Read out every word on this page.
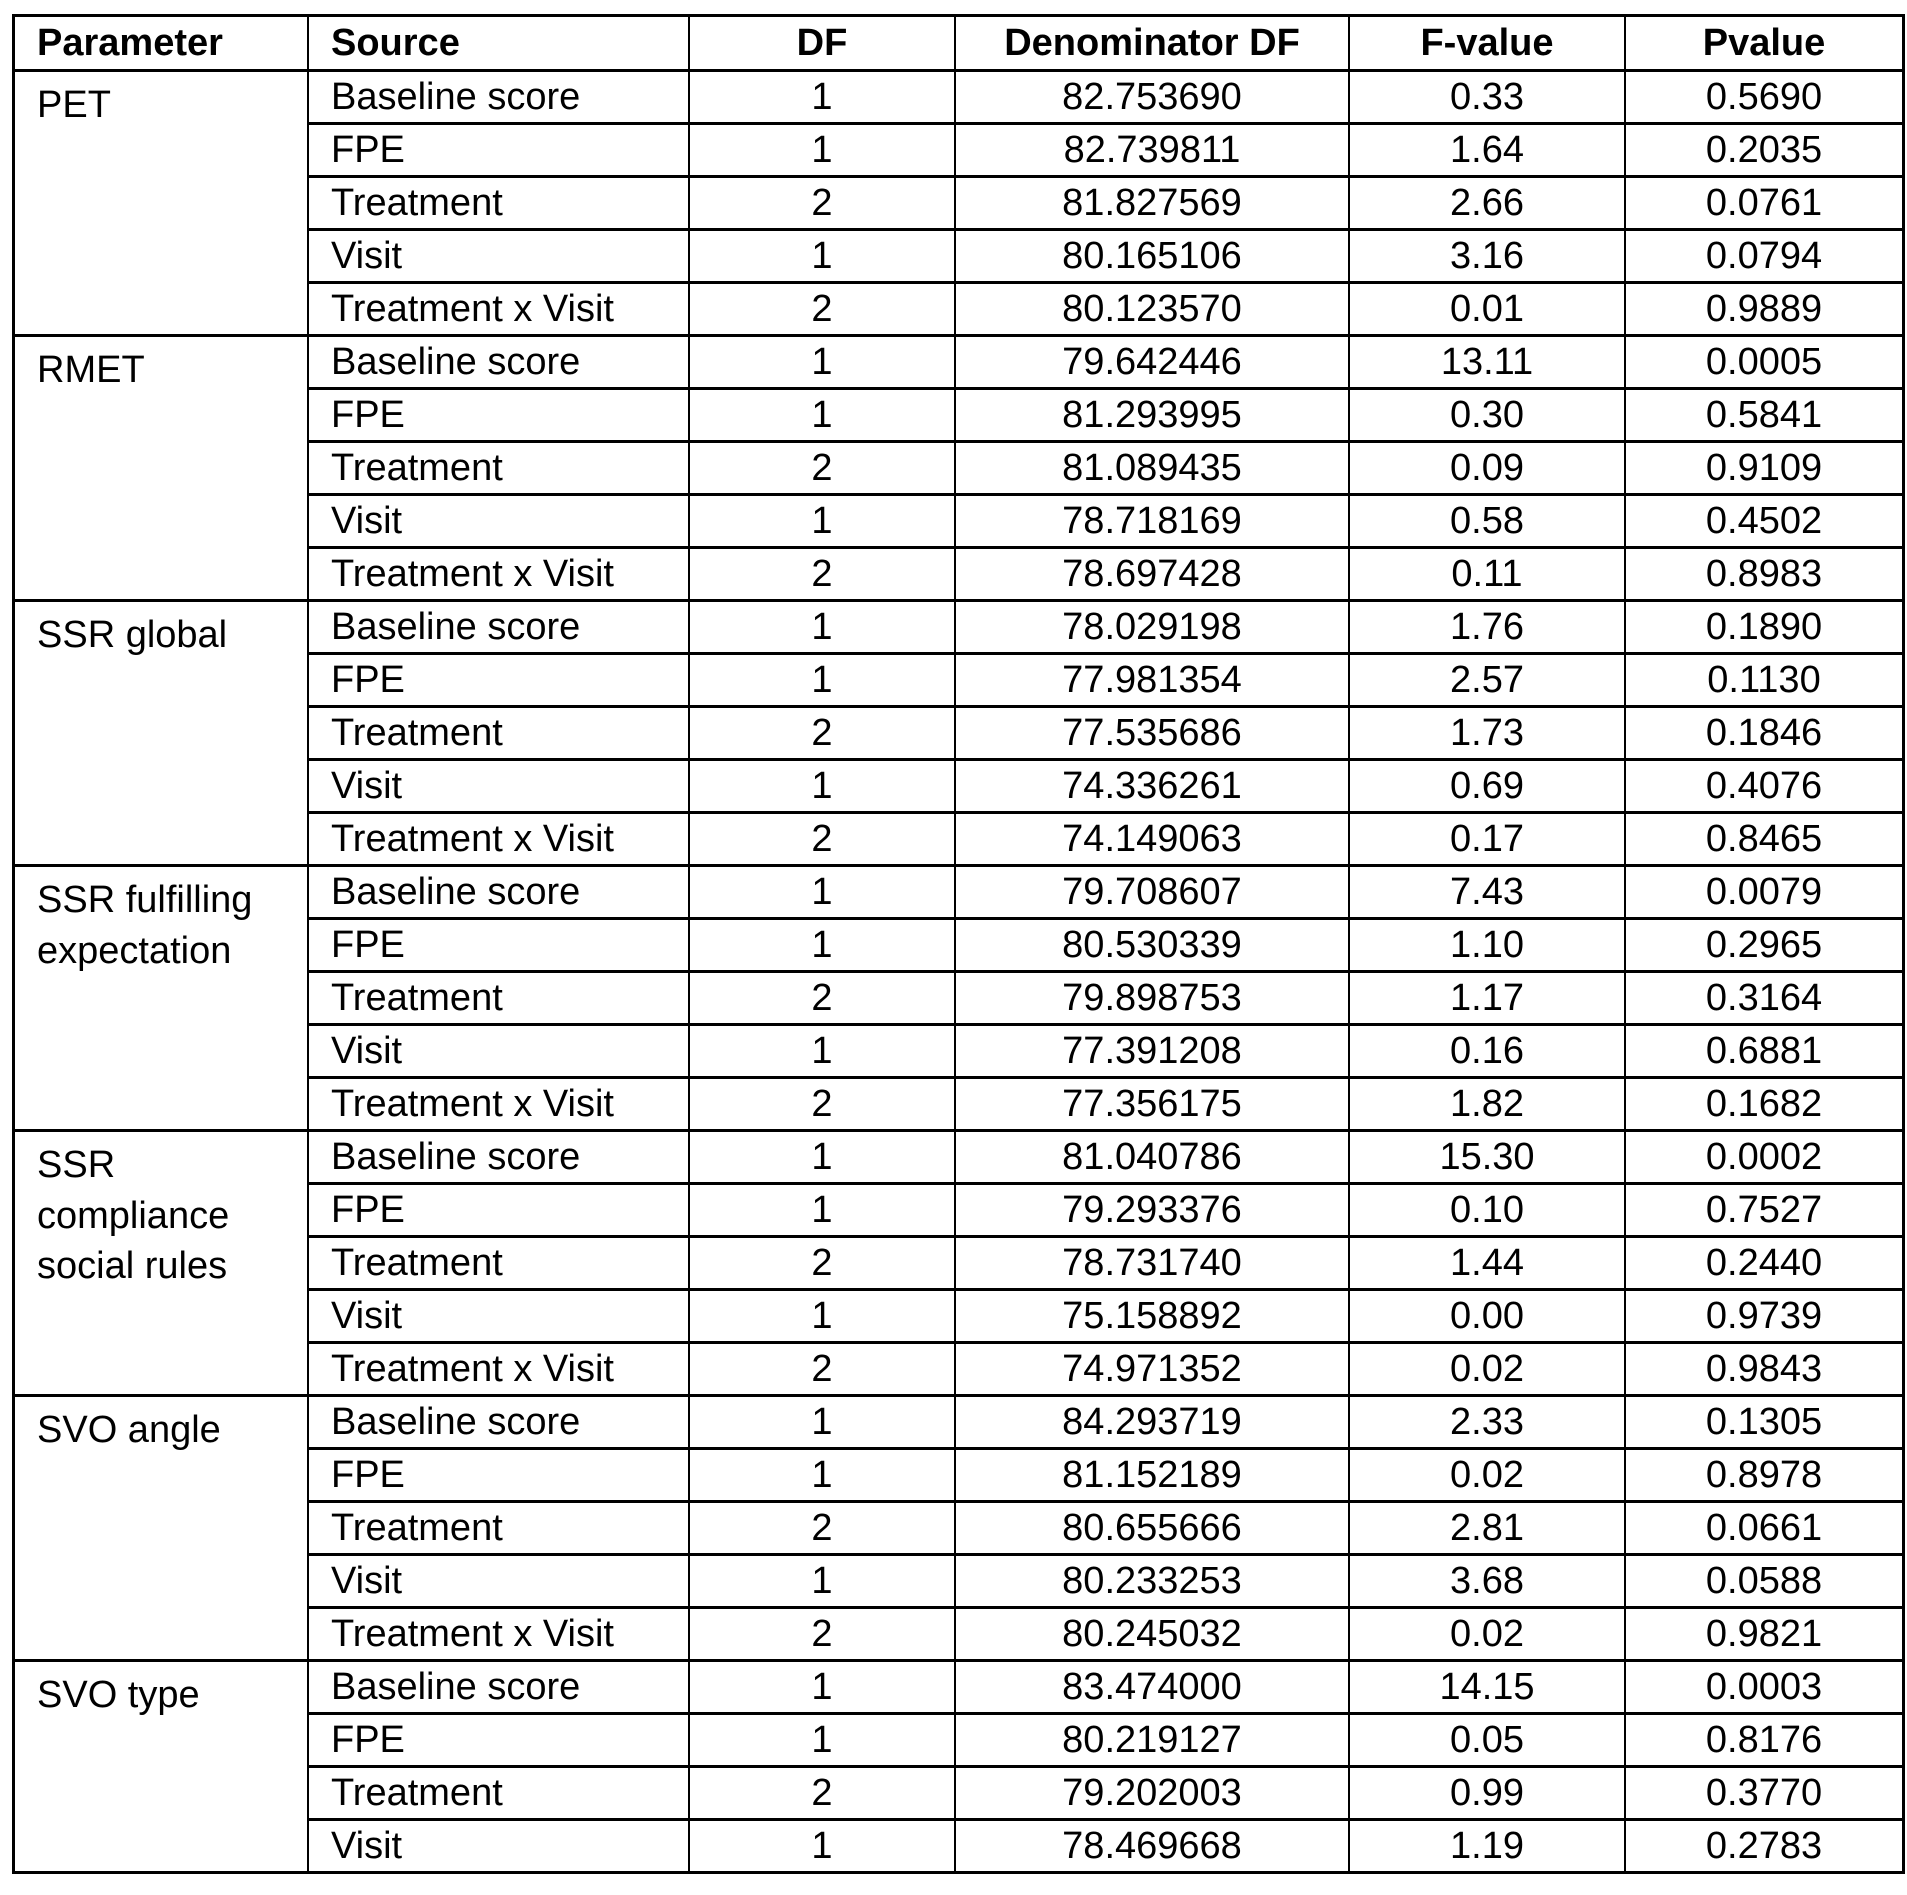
Parameter	Source	DF	Denominator DF	F-value	Pvalue
PET	Baseline score	1	82.753690	0.33	0.5690
	FPE	1	82.739811	1.64	0.2035
	Treatment	2	81.827569	2.66	0.0761
	Visit	1	80.165106	3.16	0.0794
	Treatment x Visit	2	80.123570	0.01	0.9889
RMET	Baseline score	1	79.642446	13.11	0.0005
	FPE	1	81.293995	0.30	0.5841
	Treatment	2	81.089435	0.09	0.9109
	Visit	1	78.718169	0.58	0.4502
	Treatment x Visit	2	78.697428	0.11	0.8983
SSR global	Baseline score	1	78.029198	1.76	0.1890
	FPE	1	77.981354	2.57	0.1130
	Treatment	2	77.535686	1.73	0.1846
	Visit	1	74.336261	0.69	0.4076
	Treatment x Visit	2	74.149063	0.17	0.8465
SSR fulfilling expectation	Baseline score	1	79.708607	7.43	0.0079
	FPE	1	80.530339	1.10	0.2965
	Treatment	2	79.898753	1.17	0.3164
	Visit	1	77.391208	0.16	0.6881
	Treatment x Visit	2	77.356175	1.82	0.1682
SSR compliance social rules	Baseline score	1	81.040786	15.30	0.0002
	FPE	1	79.293376	0.10	0.7527
	Treatment	2	78.731740	1.44	0.2440
	Visit	1	75.158892	0.00	0.9739
	Treatment x Visit	2	74.971352	0.02	0.9843
SVO angle	Baseline score	1	84.293719	2.33	0.1305
	FPE	1	81.152189	0.02	0.8978
	Treatment	2	80.655666	2.81	0.0661
	Visit	1	80.233253	3.68	0.0588
	Treatment x Visit	2	80.245032	0.02	0.9821
SVO type	Baseline score	1	83.474000	14.15	0.0003
	FPE	1	80.219127	0.05	0.8176
	Treatment	2	79.202003	0.99	0.3770
	Visit	1	78.469668	1.19	0.2783
